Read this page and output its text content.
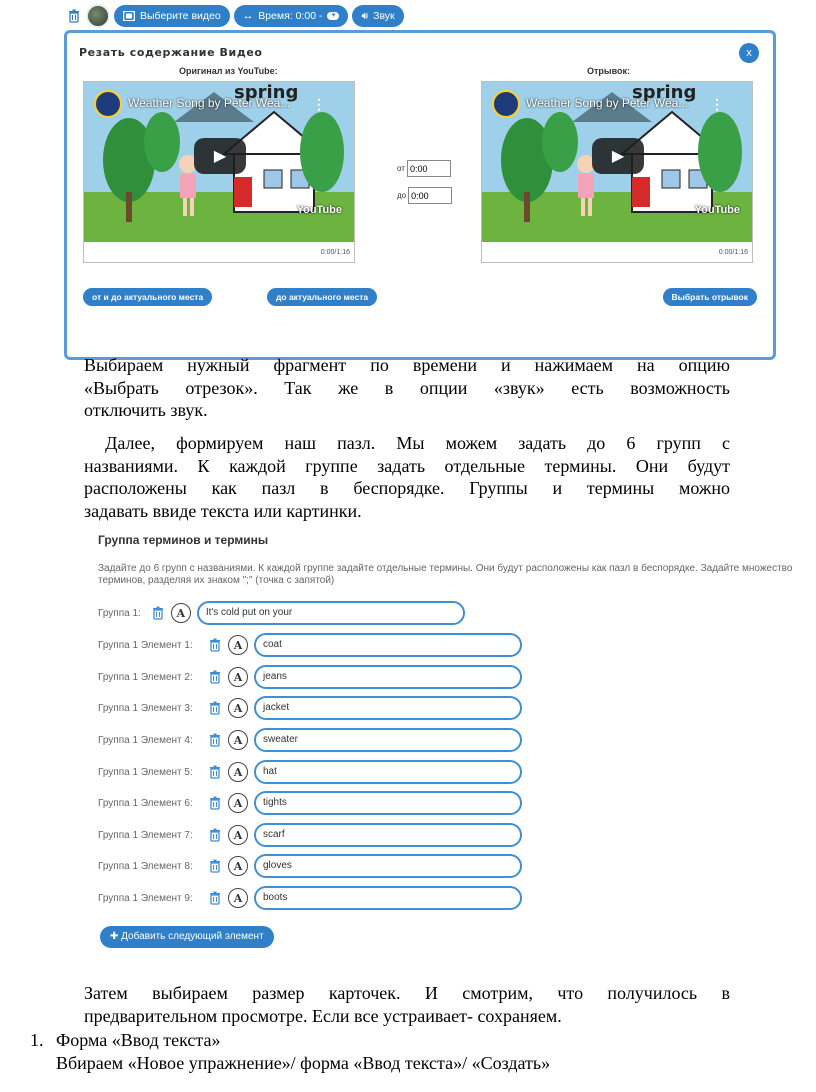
Выберите видео ↔ Время: 0:00 -	▾	🔊︎ Звук
Резать содержание Видео	x
Оригинал из YouTube:	Отрывок:
spring
Weather Song by Peter Wea... ⋮
▶
YouTube
0:00/1:16
spring
Weather Song by Peter Wea... ⋮
▶
YouTube
0:00/1:16
от
0:00
до
0:00
от и до актуального места	до актуального места	Выбрать отрывок
Выбираем нужный фрагмент по времени и нажимаем на опцию
«Выбрать отрезок». Так же в опции «звук» есть возможность
отключить звук.
Далее, формируем наш пазл. Мы можем задать до 6 групп с
названиями. К каждой группе задать отдельные термины. Они будут
расположены как пазл в беспорядке. Группы и термины можно
задавать ввиде текста или картинки.
Группа терминов и термины
Задайте до 6 групп с названиями. К каждой группе задайте отдельные термины. Они будут расположены как пазл в беспорядке. Задайте множество терминов, разделяя их знаком ";" (точка с запятой)
Группа 1:	A	It's cold put on your
Группа 1 Элемент 1:	A	coat
Группа 1 Элемент 2:	A	jeans
Группа 1 Элемент 3:	A	jacket
Группа 1 Элемент 4:	A	sweater
Группа 1 Элемент 5:	A	hat
Группа 1 Элемент 6:	A	tights
Группа 1 Элемент 7:	A	scarf
Группа 1 Элемент 8:	A	gloves
Группа 1 Элемент 9:	A	boots
✚ Добавить следующий элемент
Затем выбираем размер карточек. И смотрим, что получилось в
предварительном просмотре. Если все устраивает- сохраняем.
1. Форма «Ввод текста»
Вбираем «Новое упражнение»/ форма «Ввод текста»/ «Создать»
